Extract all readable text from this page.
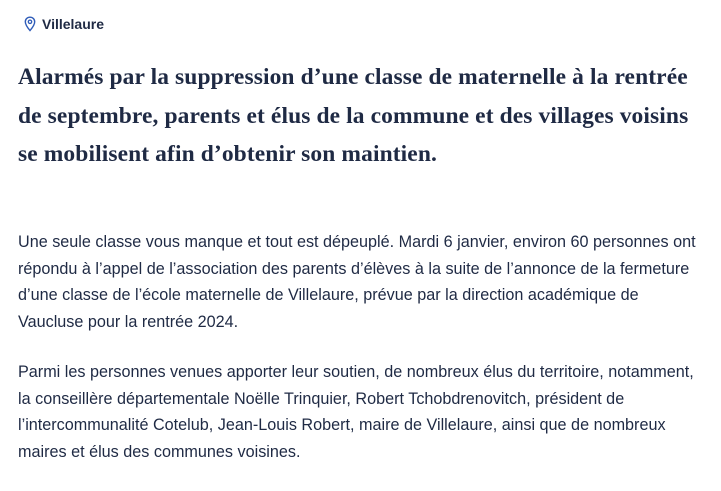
Villelaure
Alarmés par la suppression d’une classe de maternelle à la rentrée de septembre, parents et élus de la commune et des villages voisins se mobilisent afin d’obtenir son maintien.

Une seule classe vous manque et tout est dépeuplé. Mardi 6 janvier, environ 60 personnes ont répondu à l’appel de l’association des parents d’élèves à la suite de l’annonce de la fermeture d’une classe de l’école maternelle de Villelaure, prévue par la direction académique de Vaucluse pour la rentrée 2024.

Parmi les personnes venues apporter leur soutien, de nombreux élus du territoire, notamment, la conseillère départementale Noëlle Trinquier, Robert Tchobdrenovitch, président de l’intercommunalité Cotelub, Jean-Louis Robert, maire de Villelaure, ainsi que de nombreux maires et élus des communes voisines.
